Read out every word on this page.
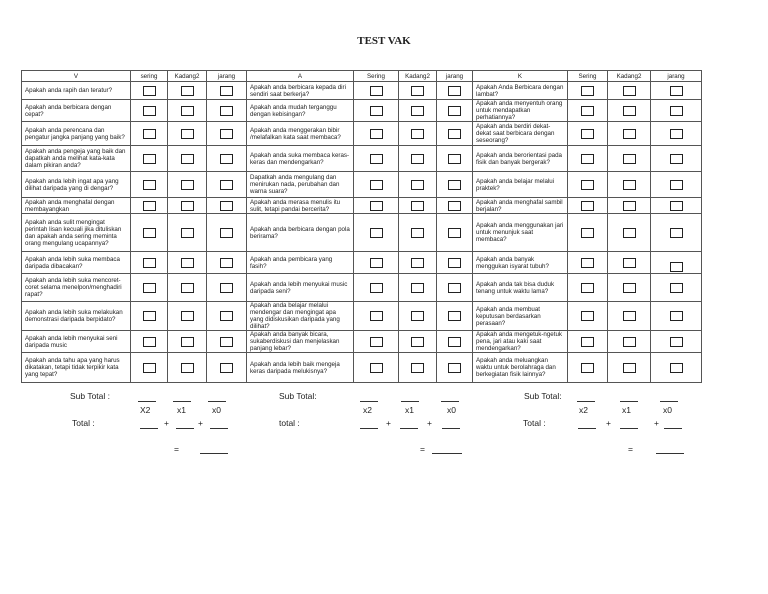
TEST VAK
V	sering	Kadang2	jarang	A	Sering	Kadang2	jarang	K	Sering	Kadang2	jarang
Apakah anda rapih dan teratur?				Apakah anda berbicara kepada diri sendiri saat berkerja?				Apakah Anda Berbicara dengan lambat?			
Apakah anda berbicara dengan cepat?				Apakah anda mudah terganggu dengan kebisingan?				Apakah anda menyentuh orang untuk mendapatkan perhatiannya?			
Apakah anda perencana dan pengatur jangka panjang yang baik?				Apakah anda menggerakan bibir /melafalkan kata saat membaca?				Apakah anda berdiri dekat-dekat saat berbicara dengan seseorang?			
Apakah anda pengeja yang baik dan dapatkah anda melihat kata-kata dalam pikiran anda?				Apakah anda suka membaca keras-keras dan mendengarkan?				Apakah anda berorientasi pada fisik dan banyak bergerak?			
Apakah anda lebih ingat apa yang dilihat daripada yang di dengar?				Dapatkah anda mengulang dan menirukan nada, perubahan dan warna suara?				Apakah anda belajar melalui praktek?			
Apakah anda menghafal dengan membayangkan				Apakah anda merasa menulis itu sulit, tetapi pandai bercerita?				Apakah anda menghafal sambil berjalan?			
Apakah anda sulit mengingat perintah lisan kecuali jika dituliskan dan apakah anda sering meminta orang mengulang ucapannya?				Apakah anda berbicara dengan pola berirama?				Apakah anda menggunakan jari untuk menunjuk saat membaca?			
Apakah anda lebih suka membaca daripada dibacakan?				Apakah anda pembicara yang fasih?				Apakah anda banyak menggukan isyarat tubuh?			
Apakah anda lebih suka mencoret-coret selama menelpon/menghadiri rapat?				Apakah anda lebih menyukai music daripada seni?				Apakah anda tak bisa duduk tenang untuk waktu lama?			
Apakah anda lebih suka melakukan demonstrasi daripada berpidato?				Apakah anda belajar melalui mendengar dan mengingat apa yang didiskusikan daripada yang dilihat?				Apakah anda membuat keputusan berdasarkan perasaan?			
Apakah anda lebih menyukai seni daripada music				Apakah anda banyak bicara, sukaberdiskusi dan menjelaskan panjang lebar?				Apakah anda mengetuk-ngetuk pena, jari atau kaki saat mendengarkan?			
Apakah anda tahu apa yang harus dikatakan, tetapi tidak terpikir kata yang tepat?				Apakah anda lebih baik mengeja keras daripada melukisnya?				Apakah anda meluangkan waktu untuk berolahraga dan berkegiatan fisik lainnya?			
Sub Total :
X2	x1	x0
Total :	+	+
=
Sub Total:
x2	x1	x0
total :	+	+
=
Sub Total:
x2	x1	x0
Total :	+	+
=
